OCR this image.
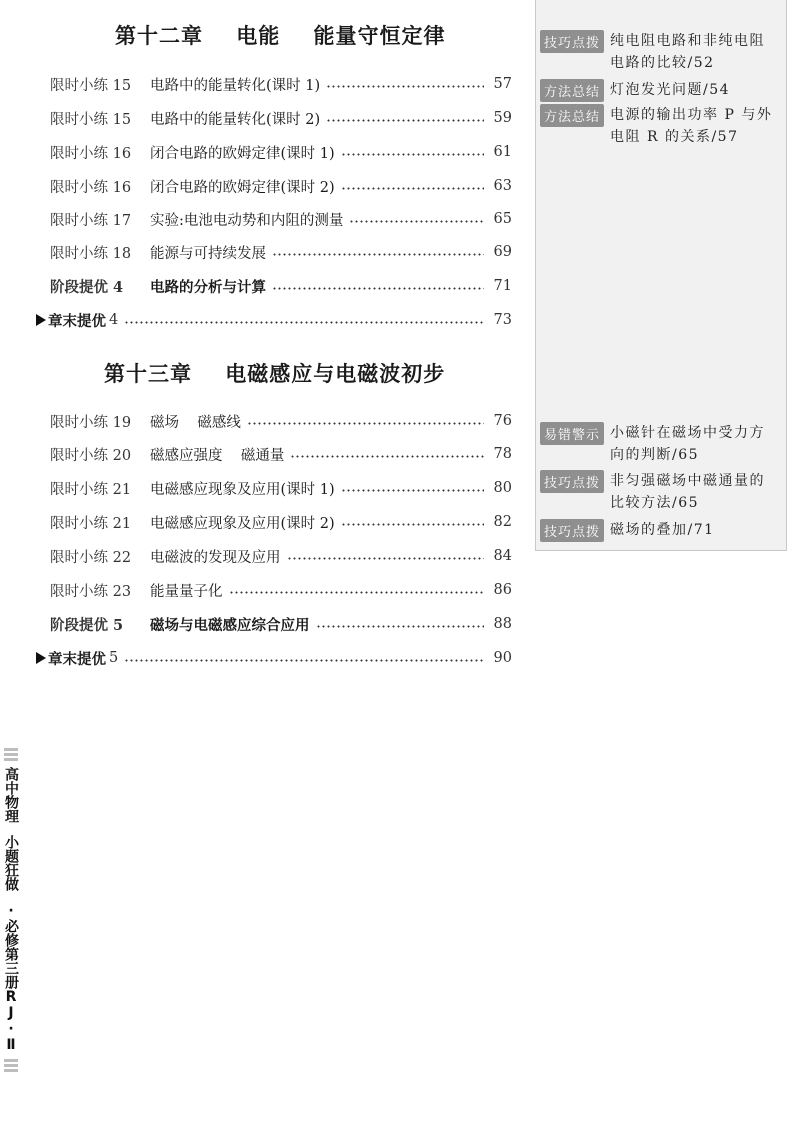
第十二章    电能    能量守恒定律
限时小练 15	电路中的能量转化(课时 1)	57
限时小练 15	电路中的能量转化(课时 2)	59
限时小练 16	闭合电路的欧姆定律(课时 1)	61
限时小练 16	闭合电路的欧姆定律(课时 2)	63
限时小练 17	实验:电池电动势和内阻的测量	65
限时小练 18	能源与可持续发展	69
阶段提优 4	电路的分析与计算	71
章末提优 4	73
第十三章    电磁感应与电磁波初步
限时小练 19	磁场    磁感线	76
限时小练 20	磁感应强度    磁通量	78
限时小练 21	电磁感应现象及应用(课时 1)	80
限时小练 21	电磁感应现象及应用(课时 2)	82
限时小练 22	电磁波的发现及应用	84
限时小练 23	能量量子化	86
阶段提优 5	磁场与电磁感应综合应用	88
章末提优 5	90
技巧点拨 纯电阻电路和非纯电阻电路的比较/52
方法总结 灯泡发光问题/54
方法总结 电源的输出功率 P 与外电阻 R 的关系/57
易错警示 小磁针在磁场中受力方向的判断/65
技巧点拨 非匀强磁场中磁通量的比较方法/65
技巧点拨 磁场的叠加/71
高中物理
小题狂做
·必修第三册RJ·Ⅱ
